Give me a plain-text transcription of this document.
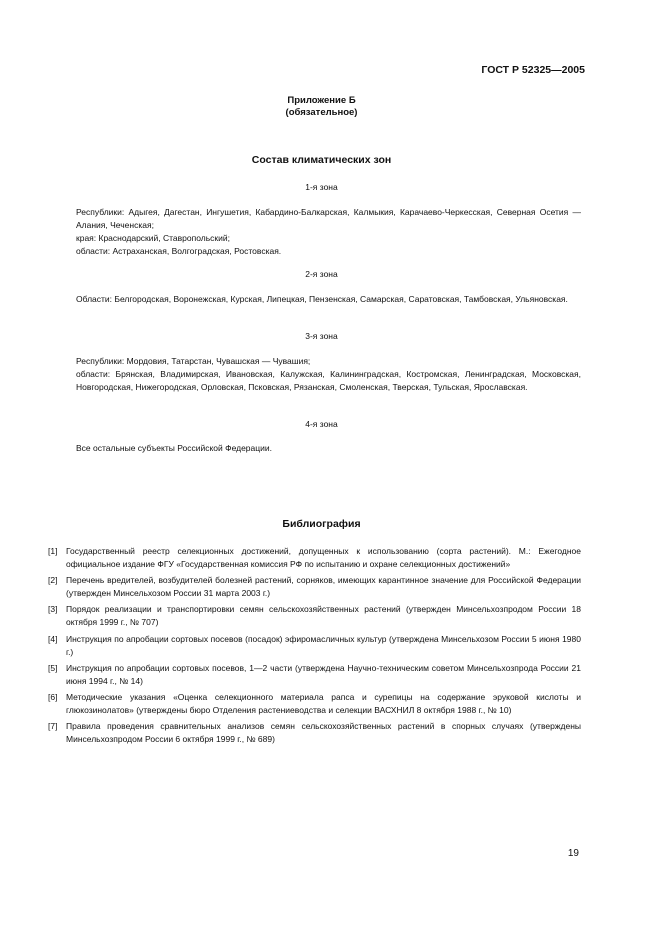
ГОСТ Р 52325—2005
Приложение Б
(обязательное)
Состав климатических зон
1-я зона
Республики: Адыгея, Дагестан, Ингушетия, Кабардино-Балкарская, Калмыкия, Карачаево-Черкесская, Северная Осетия — Алания, Чеченская;
края: Краснодарский, Ставропольский;
области: Астраханская, Волгоградская, Ростовская.
2-я зона
Области: Белгородская, Воронежская, Курская, Липецкая, Пензенская, Самарская, Саратовская, Тамбовская, Ульяновская.
3-я зона
Республики: Мордовия, Татарстан, Чувашская — Чувашия;
области: Брянская, Владимирская, Ивановская, Калужская, Калининградская, Костромская, Ленинградская, Московская, Новгородская, Нижегородская, Орловская, Псковская, Рязанская, Смоленская, Тверская, Тульская, Ярославская.
4-я зона
Все остальные субъекты Российской Федерации.
Библиография
[1] Государственный реестр селекционных достижений, допущенных к использованию (сорта растений). М.: Ежегодное официальное издание ФГУ «Государственная комиссия РФ по испытанию и охране селекционных достижений»
[2] Перечень вредителей, возбудителей болезней растений, сорняков, имеющих карантинное значение для Российской Федерации (утвержден Минсельхозом России 31 марта 2003 г.)
[3] Порядок реализации и транспортировки семян сельскохозяйственных растений (утвержден Минсельхозпродом России 18 октября 1999 г., № 707)
[4] Инструкция по апробации сортовых посевов (посадок) эфиромасличных культур (утверждена Минсельхозом России 5 июня 1980 г.)
[5] Инструкция по апробации сортовых посевов, 1—2 части (утверждена Научно-техническим советом Минсельхозпрода России 21 июня 1994 г., № 14)
[6] Методические указания «Оценка селекционного материала рапса и сурепицы на содержание эруковой кислоты и глюкозинолатов» (утверждены бюро Отделения растениеводства и селекции ВАСХНИЛ 8 октября 1988 г., № 10)
[7] Правила проведения сравнительных анализов семян сельскохозяйственных растений в спорных случаях (утверждены Минсельхозпродом России 6 октября 1999 г., № 689)
19
